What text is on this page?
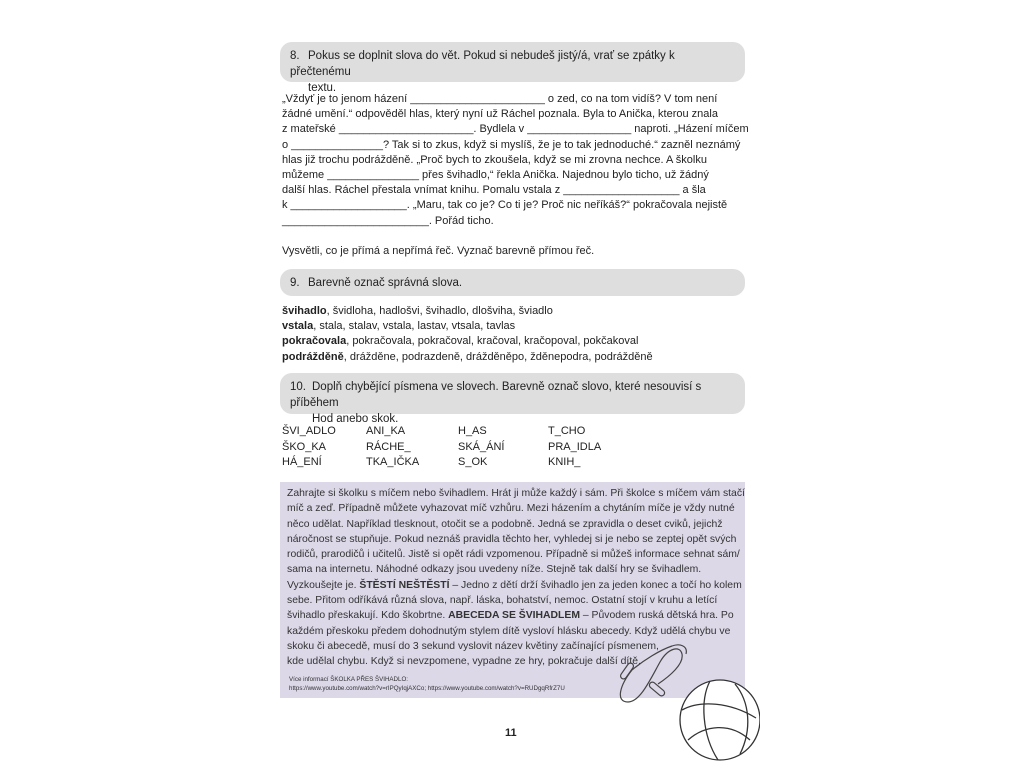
8. Pokus se doplnit slova do vět. Pokud si nebudeš jistý/á, vrať se zpátky k přečtenému
textu.
„Vždyť je to jenom házení ______________________ o zed, co na tom vidíš? V tom není
žádné umění.“ odpověděl hlas, který nyní už Ráchel poznala. Byla to Anička, kterou znala
z mateřské ______________________. Bydlela v _________________ naproti. „Házení míčem
o _______________? Tak si to zkus, když si myslíš, že je to tak jednoduché.“ zazněl neznámý
hlas již trochu podrážděně. „Proč bych to zkoušela, když se mi zrovna nechce. A školku
můžeme _______________ přes švihadlo,“ řekla Anička. Najednou bylo ticho, už žádný
další hlas. Ráchel přestala vnímat knihu. Pomalu vstala z ___________________ a šla
k ___________________. „Maru, tak co je? Co ti je? Proč nic neříkáš?“ pokračovala nejistě
________________________. Pořád ticho.
Vysvětli, co je přímá a nepřímá řeč. Vyznač barevně přímou řeč.
9. Barevně označ správná slova.
švihadlo, švidloha, hadlošvi, švihadlo, dlošviha, šviadlo
vstala, stala, stalav, vstala, lastav, vtsala, tavlas
pokračovala, pokračovala, pokračoval, kračoval, kračopoval, pokčakoval
podrážděně, drážděne, podrazdeně, drážděněpo, žděnepodra, podrážděně
10. Doplň chybějící písmena ve slovech. Barevně označ slovo, které nesouvisí s příběhem
Hod anebo skok.
ŠVI_ADLO
ŠKO_KA
HÁ_ENÍ
ANI_KA
RÁCHE_
TKA_IČKA
H_AS
SKÁ_ÁNÍ
S_OK
T_CHO
PRA_IDLA
KNIH_
Zahrajte si školku s míčem nebo švihadlem. Hrát ji může každý i sám. Při školce s míčem vám stačí
míč a zeď. Případně můžete vyhazovat míč vzhůru. Mezi házením a chytáním míče je vždy nutné
něco udělat. Například tlesknout, otočit se a podobně. Jedná se zpravidla o deset cviků, jejichž
náročnost se stupňuje. Pokud neznáš pravidla těchto her, vyhledej si je nebo se zeptej opět svých
rodičů, prarodičů i učitelů. Jistě si opět rádi vzpomenou. Případně si můžeš informace sehnat sám/
sama na internetu. Náhodné odkazy jsou uvedeny níže. Stejně tak další hry se švihadlem.
Vyzkoušejte je. ŠTĚSTÍ NEŠTĚSTÍ – Jedno z dětí drží švihadlo jen za jeden konec a točí ho kolem
sebe. Přitom odříkává různá slova, např. láska, bohatství, nemoc. Ostatní stojí v kruhu a letící
švihadlo přeskakují. Kdo škobrtne. ABECEDA SE ŠVIHADLEM – Původem ruská dětská hra. Po
každém přeskoku předem dohodnutým stylem dítě vysloví hlásku abecedy. Když udělá chybu ve
skoku či abecedě, musí do 3 sekund vyslovit název květiny začínající písmenem,
kde udělal chybu. Když si nevzpomene, vypadne ze hry, pokračuje další dítě.
Více informací ŠKOLKA PŘES ŠVIHADLO:
https://www.youtube.com/watch?v=rIPQyIqjAXCo; https://www.youtube.com/watch?v=RUDgqRfrZ7U
11
